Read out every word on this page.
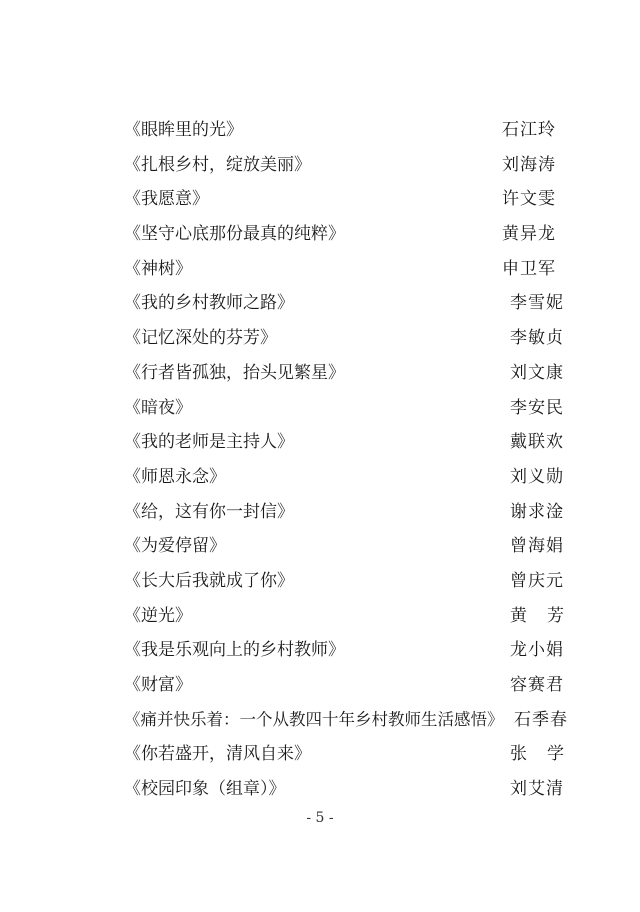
《眼眸里的光》	石江玲
《扎根乡村，绽放美丽》	刘海涛
《我愿意》	许文雯
《坚守心底那份最真的纯粹》	黄异龙
《神树》	申卫军
《我的乡村教师之路》	李雪妮
《记忆深处的芬芳》	李敏贞
《行者皆孤独，抬头见繁星》	刘文康
《暗夜》	李安民
《我的老师是主持人》	戴联欢
《师恩永念》	刘义勋
《给，这有你一封信》	谢求淦
《为爱停留》	曾海娟
《长大后我就成了你》	曾庆元
《逆光》	黄芳
《我是乐观向上的乡村教师》	龙小娟
《财富》	容赛君
《痛并快乐着：一个从教四十年乡村教师生活感悟》 石季春
《你若盛开，清风自来》	张学
《校园印象（组章）》	刘艾清
- 5 -
